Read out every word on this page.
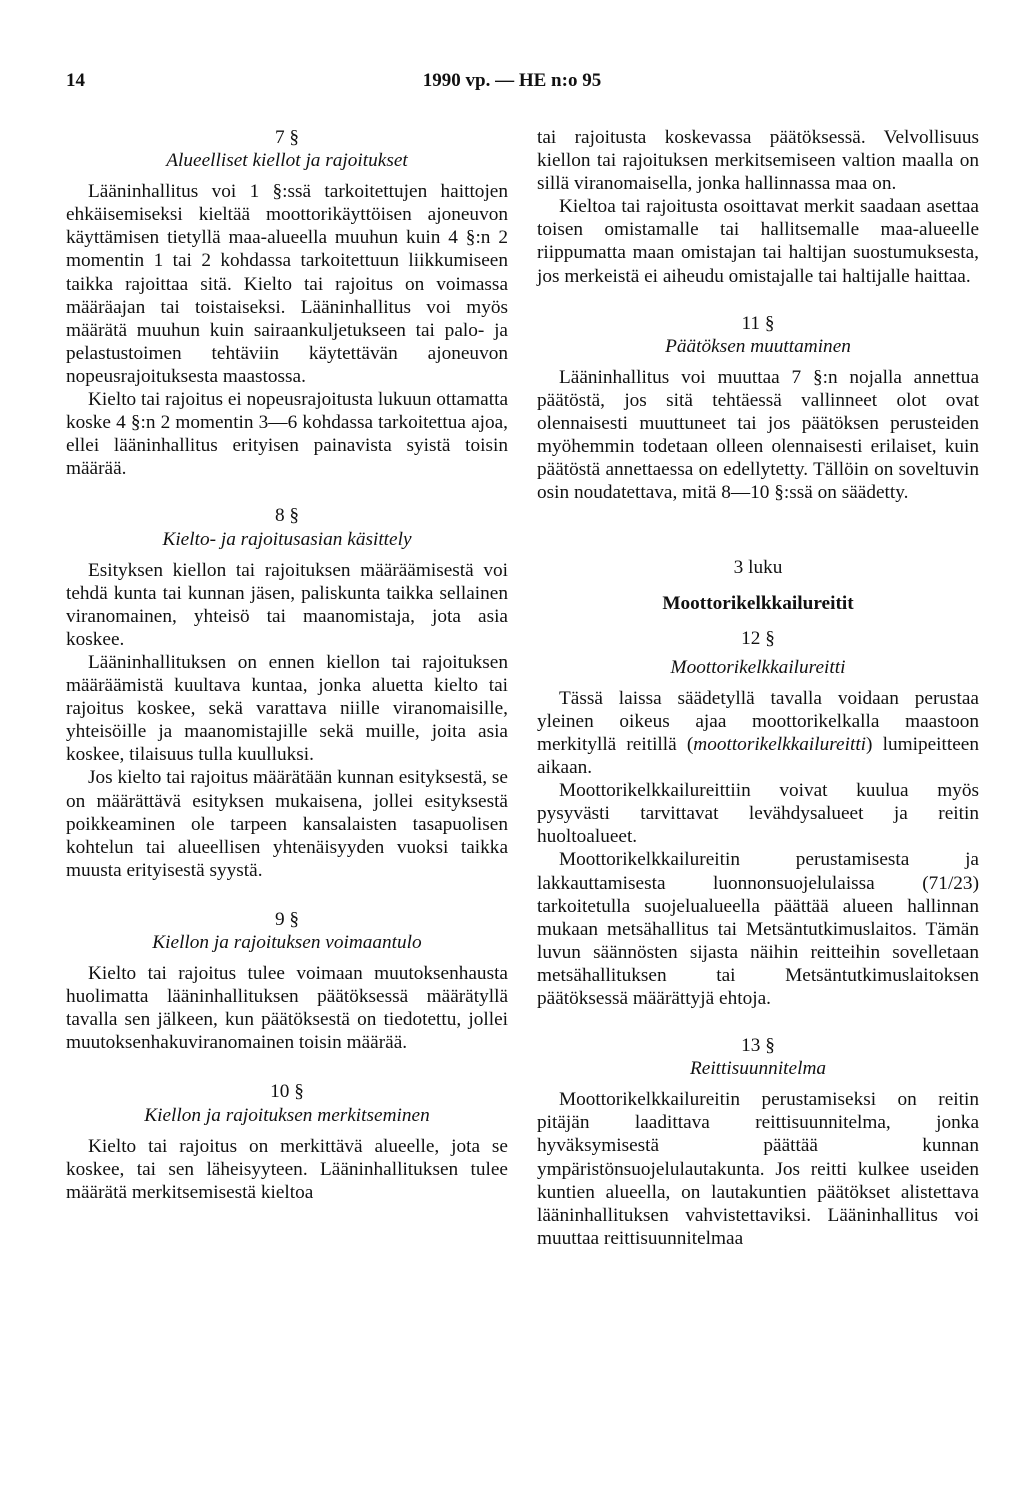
14	1990 vp. — HE n:o 95

7 §

Alueelliset kiellot ja rajoitukset

Lääninhallitus voi 1 §:ssä tarkoitettujen haittojen ehkäisemiseksi kieltää moottorikäyttöisen ajoneuvon käyttämisen tietyllä maa-alueella muuhun kuin 4 §:n 2 momentin 1 tai 2 kohdassa tarkoitettuun liikkumiseen taikka rajoittaa sitä. Kielto tai rajoitus on voimassa määräajan tai toistaiseksi. Lääninhallitus voi myös määrätä muuhun kuin sairaankuljetukseen tai palo- ja pelastustoimen tehtäviin käytettävän ajoneuvon nopeusrajoituksesta maastossa.

Kielto tai rajoitus ei nopeusrajoitusta lukuun ottamatta koske 4 §:n 2 momentin 3—6 kohdassa tarkoitettua ajoa, ellei lääninhallitus erityisen painavista syistä toisin määrää.

8 §

Kielto- ja rajoitusasian käsittely

Esityksen kiellon tai rajoituksen määräämisestä voi tehdä kunta tai kunnan jäsen, paliskunta taikka sellainen viranomainen, yhteisö tai maanomistaja, jota asia koskee.

Lääninhallituksen on ennen kiellon tai rajoituksen määräämistä kuultava kuntaa, jonka aluetta kielto tai rajoitus koskee, sekä varattava niille viranomaisille, yhteisöille ja maanomistajille sekä muille, joita asia koskee, tilaisuus tulla kuulluksi.

Jos kielto tai rajoitus määrätään kunnan esityksestä, se on määrättävä esityksen mukaisena, jollei esityksestä poikkeaminen ole tarpeen kansalaisten tasapuolisen kohtelun tai alueellisen yhtenäisyyden vuoksi taikka muusta erityisestä syystä.

9 §

Kiellon ja rajoituksen voimaantulo

Kielto tai rajoitus tulee voimaan muutoksenhausta huolimatta lääninhallituksen päätöksessä määrätyllä tavalla sen jälkeen, kun päätöksestä on tiedotettu, jollei muutoksenhakuviranomainen toisin määrää.

10 §

Kiellon ja rajoituksen merkitseminen

Kielto tai rajoitus on merkittävä alueelle, jota se koskee, tai sen läheisyyteen. Lääninhallituksen tulee määrätä merkitsemisestä kieltoa

tai rajoitusta koskevassa päätöksessä. Velvollisuus kiellon tai rajoituksen merkitsemiseen valtion maalla on sillä viranomaisella, jonka hallinnassa maa on.

Kieltoa tai rajoitusta osoittavat merkit saadaan asettaa toisen omistamalle tai hallitsemalle maa-alueelle riippumatta maan omistajan tai haltijan suostumuksesta, jos merkeistä ei aiheudu omistajalle tai haltijalle haittaa.

11 §

Päätöksen muuttaminen

Lääninhallitus voi muuttaa 7 §:n nojalla annettua päätöstä, jos sitä tehtäessä vallinneet olot ovat olennaisesti muuttuneet tai jos päätöksen perusteiden myöhemmin todetaan olleen olennaisesti erilaiset, kuin päätöstä annettaessa on edellytetty. Tällöin on soveltuvin osin noudatettava, mitä 8—10 §:ssä on säädetty.

3 luku

Moottorikelkkailureitit

12 §

Moottorikelkkailureitti

Tässä laissa säädetyllä tavalla voidaan perustaa yleinen oikeus ajaa moottorikelkalla maastoon merkityllä reitillä (moottorikelkkailureitti) lumipeitteen aikaan.

Moottorikelkkailureittiin voivat kuulua myös pysyvästi tarvittavat levähdysalueet ja reitin huoltoalueet.

Moottorikelkkailureitin perustamisesta ja lakkauttamisesta luonnonsuojelulaissa (71/23) tarkoitetulla suojelualueella päättää alueen hallinnan mukaan metsähallitus tai Metsäntutkimuslaitos. Tämän luvun säännösten sijasta näihin reitteihin sovelletaan metsähallituksen tai Metsäntutkimuslaitoksen päätöksessä määrättyjä ehtoja.

13 §

Reittisuunnitelma

Moottorikelkkailureitin perustamiseksi on reitin pitäjän laadittava reittisuunnitelma, jonka hyväksymisestä päättää kunnan ympäristönsuojelulautakunta. Jos reitti kulkee useiden kuntien alueella, on lautakuntien päätökset alistettava lääninhallituksen vahvistettaviksi. Lääninhallitus voi muuttaa reittisuunnitelmaa
